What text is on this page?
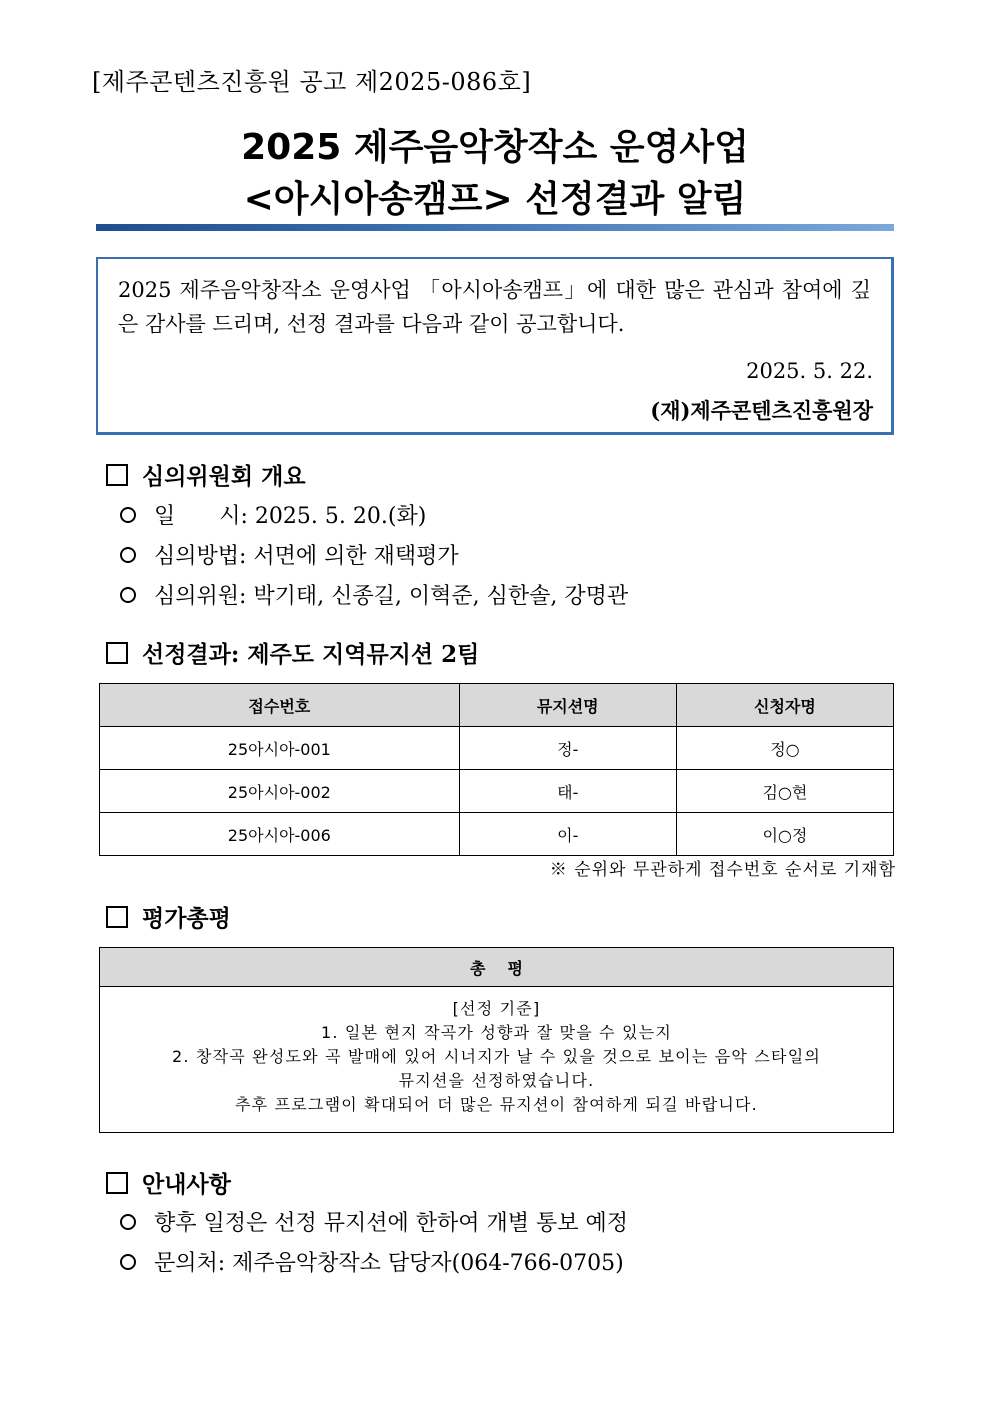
[제주콘텐츠진흥원 공고 제2025-086호]
2025 제주음악창작소 운영사업
<아시아송캠프> 선정결과 알림
2025 제주음악창작소 운영사업 「아시아송캠프」에 대한 많은 관심과 참여에 깊은 감사를 드리며, 선정 결과를 다음과 같이 공고합니다.
2025. 5. 22.
(재)제주콘텐츠진흥원장
심의위원회 개요
일　　시: 2025. 5. 20.(화)
심의방법: 서면에 의한 재택평가
심의위원: 박기태, 신종길, 이혁준, 심한솔, 강명관
선정결과: 제주도 지역뮤지션 2팀
접수번호	뮤지션명	신청자명
25아시아-001	정-	정○
25아시아-002	태-	김○현
25아시아-006	이-	이○정
※ 순위와 무관하게 접수번호 순서로 기재함
평가총평
총평
[선정 기준]
1. 일본 현지 작곡가 성향과 잘 맞을 수 있는지
2. 창작곡 완성도와 곡 발매에 있어 시너지가 날 수 있을 것으로 보이는 음악 스타일의
뮤지션을 선정하였습니다.
추후 프로그램이 확대되어 더 많은 뮤지션이 참여하게 되길 바랍니다.
안내사항
향후 일정은 선정 뮤지션에 한하여 개별 통보 예정
문의처: 제주음악창작소 담당자(064-766-0705)
